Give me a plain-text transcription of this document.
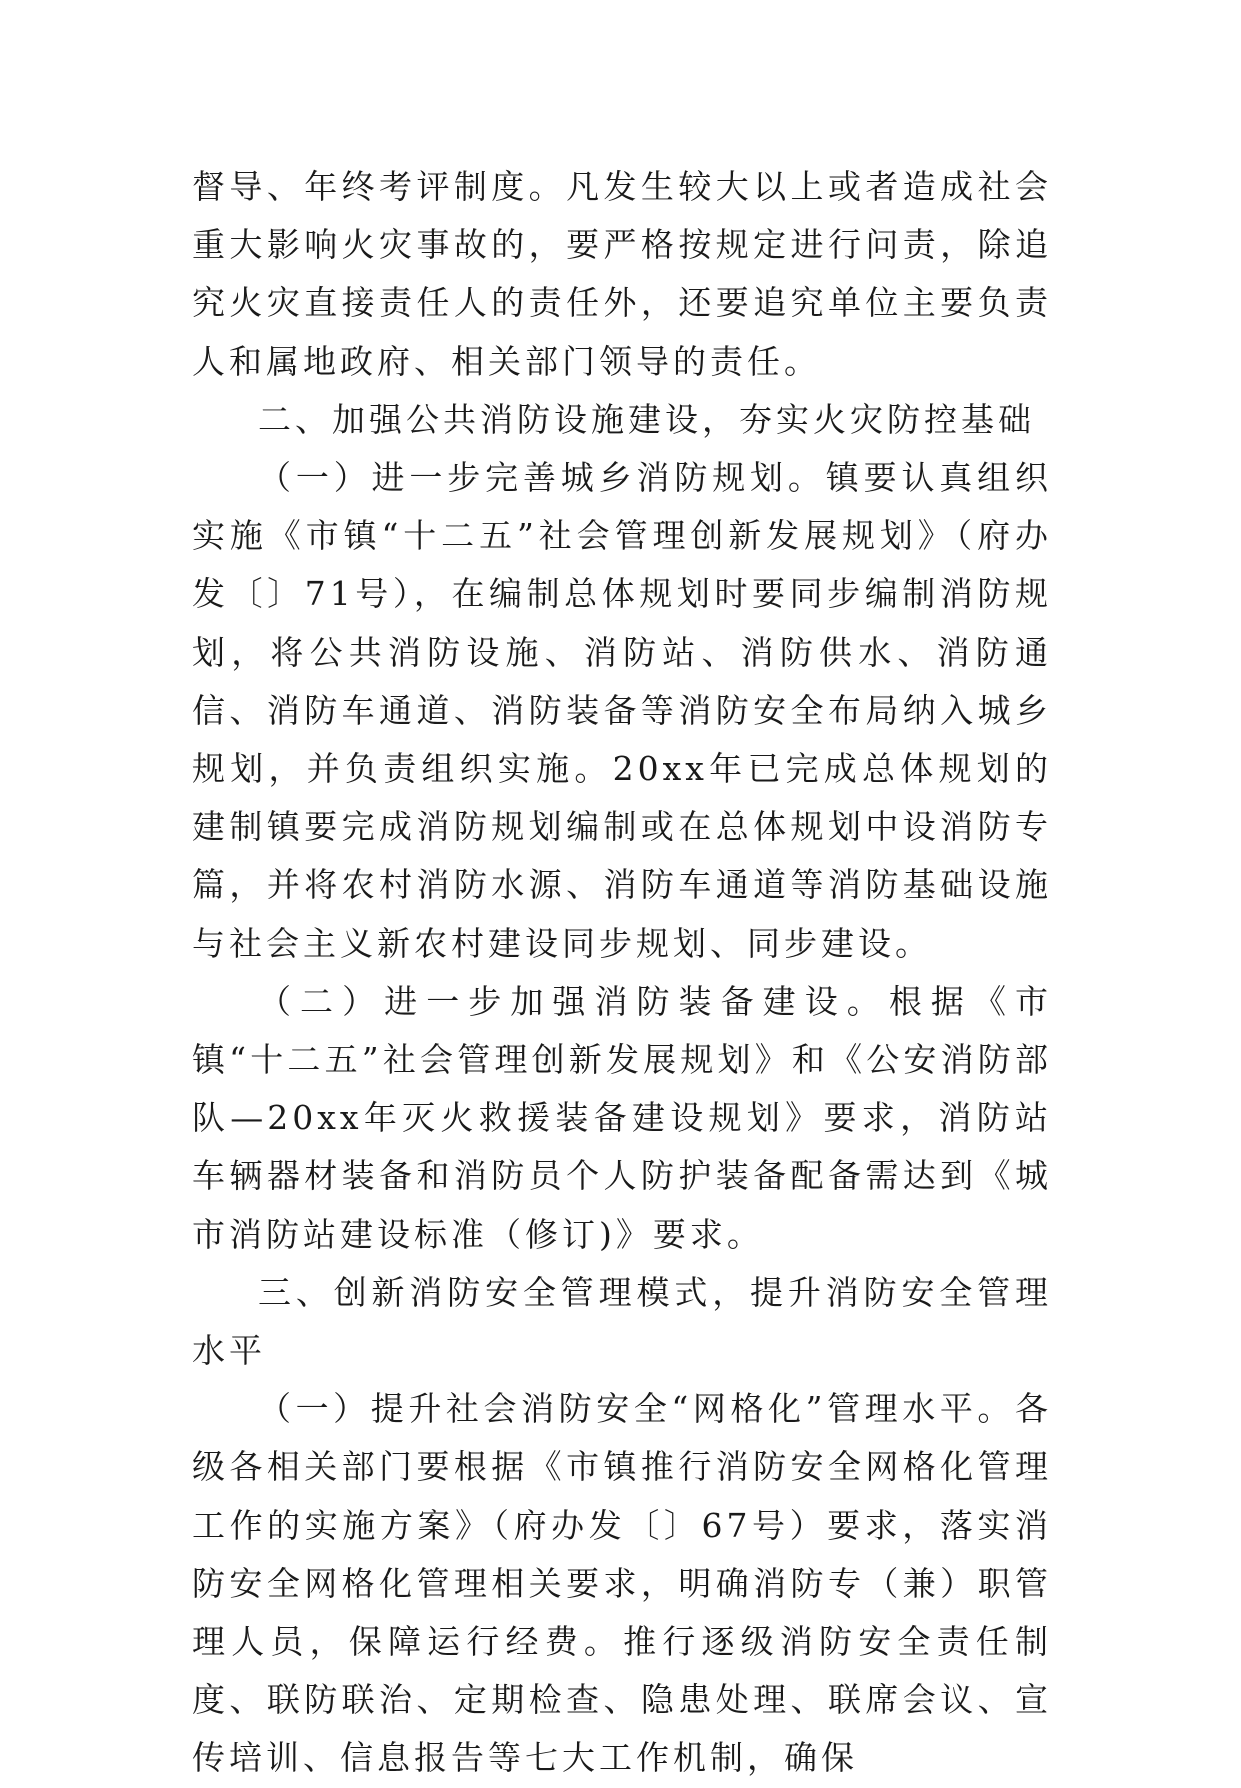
督导、年终考评制度。凡发生较大以上或者造成社会重大影响火灾事故的，要严格按规定进行问责，除追究火灾直接责任人的责任外，还要追究单位主要负责人和属地政府、相关部门领导的责任。

二、加强公共消防设施建设，夯实火灾防控基础

（一）进一步完善城乡消防规划。镇要认真组织实施《市镇“十二五”社会管理创新发展规划》（府办发〔〕71号），在编制总体规划时要同步编制消防规划，将公共消防设施、消防站、消防供水、消防通信、消防车通道、消防装备等消防安全布局纳入城乡规划，并负责组织实施。20xx年已完成总体规划的建制镇要完成消防规划编制或在总体规划中设消防专篇，并将农村消防水源、消防车通道等消防基础设施与社会主义新农村建设同步规划、同步建设。

（二）进一步加强消防装备建设。根据《市镇“十二五”社会管理创新发展规划》和《公安消防部队—20xx年灭火救援装备建设规划》要求，消防站车辆器材装备和消防员个人防护装备配备需达到《城市消防站建设标准（修订)》要求。

三、创新消防安全管理模式，提升消防安全管理水平

（一）提升社会消防安全“网格化”管理水平。各级各相关部门要根据《市镇推行消防安全网格化管理工作的实施方案》（府办发〔〕67号）要求，落实消防安全网格化管理相关要求，明确消防专（兼）职管理人员，保障运行经费。推行逐级消防安全责任制度、联防联治、定期检查、隐患处理、联席会议、宣传培训、信息报告等七大工作机制，确保
